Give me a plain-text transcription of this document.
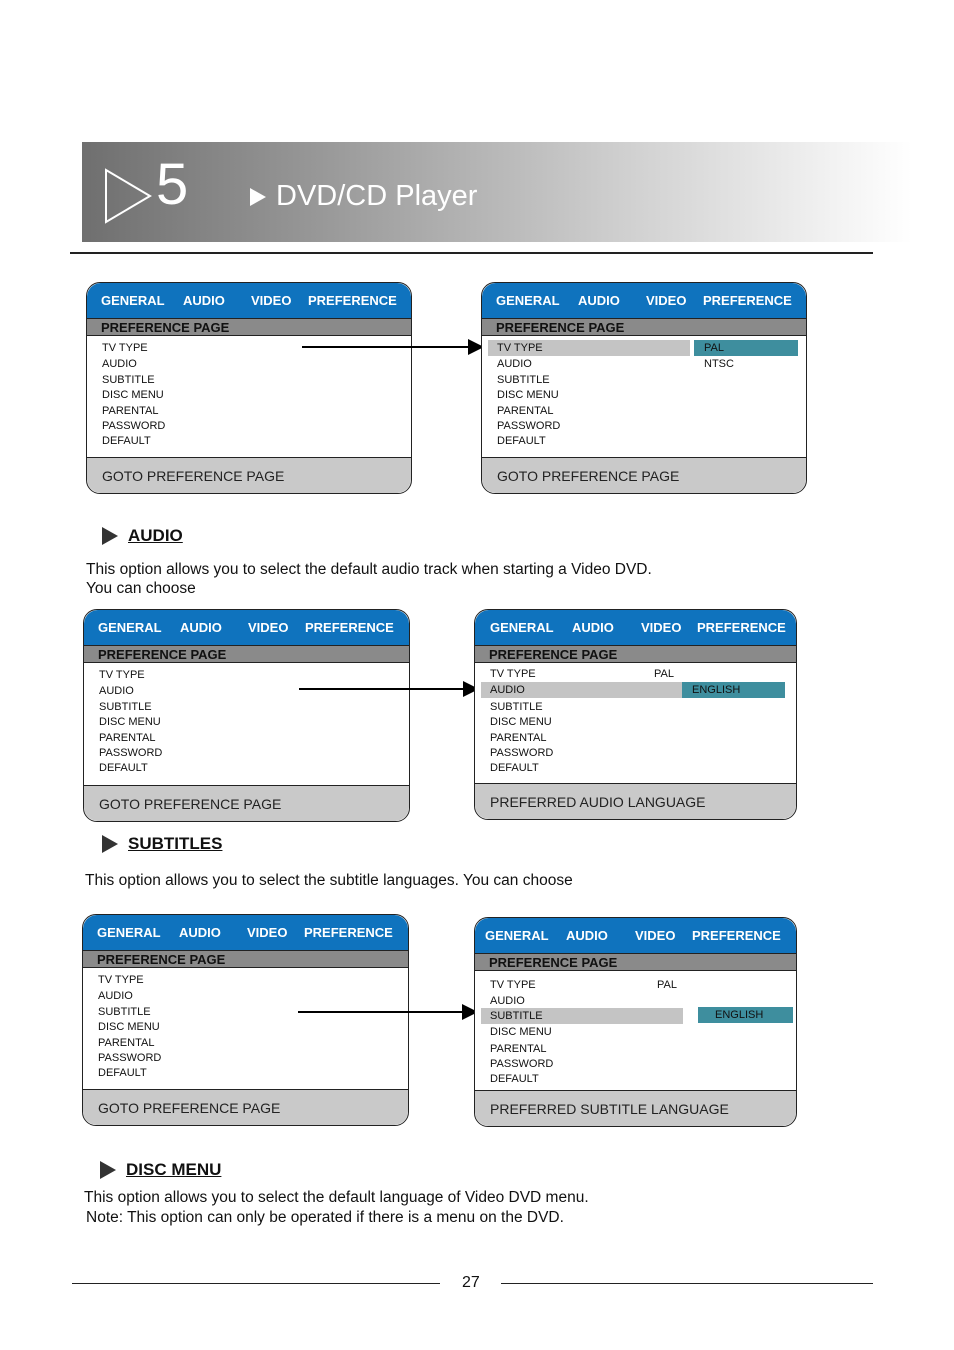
5	DVD/CD Player
GENERAL AUDIO VIDEO PREFERENCE
PREFERENCE PAGE
TV TYPE
AUDIO
SUBTITLE
DISC MENU
PARENTAL
PASSWORD
DEFAULT
GOTO PREFERENCE PAGE
GENERAL AUDIO VIDEO PREFERENCE
PREFERENCE PAGE
TV TYPE
AUDIO
SUBTITLE
DISC MENU
PARENTAL
PASSWORD
DEFAULT
PAL
NTSC
GOTO PREFERENCE PAGE
AUDIO
This option allows you to select the default audio track when starting a Video DVD.
You can choose
GENERAL AUDIO VIDEO PREFERENCE
PREFERENCE PAGE
TV TYPE
AUDIO
SUBTITLE
DISC MENU
PARENTAL
PASSWORD
DEFAULT
GOTO PREFERENCE PAGE
GENERAL AUDIO VIDEO PREFERENCE
PREFERENCE PAGE
TV TYPE	PAL
AUDIO
SUBTITLE
DISC MENU
PARENTAL
PASSWORD
DEFAULT
ENGLISH
PREFERRED AUDIO LANGUAGE
SUBTITLES
This option allows you to select the subtitle languages. You can choose
GENERAL AUDIO VIDEO PREFERENCE
PREFERENCE PAGE
TV TYPE
AUDIO
SUBTITLE
DISC MENU
PARENTAL
PASSWORD
DEFAULT
GOTO PREFERENCE PAGE
GENERAL AUDIO VIDEO PREFERENCE
PREFERENCE PAGE
TV TYPE	PAL
AUDIO
SUBTITLE
DISC MENU
PARENTAL
PASSWORD
DEFAULT
ENGLISH
PREFERRED SUBTITLE LANGUAGE
DISC MENU
This option allows you to select the default language of Video DVD menu.
Note: This option can only be operated if there is a menu on the DVD.
27
